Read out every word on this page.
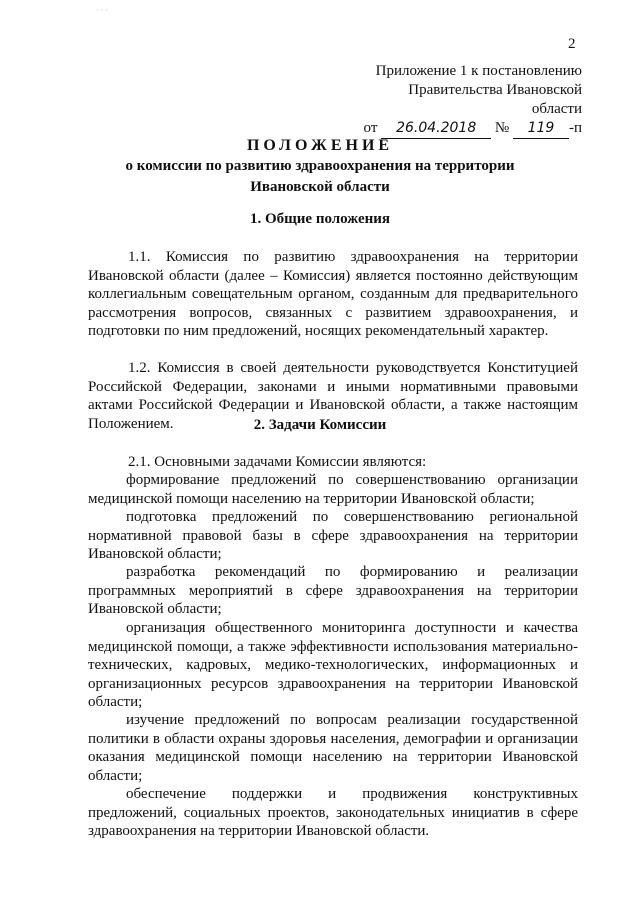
· · ·
2
Приложение 1 к постановлению
Правительства Ивановской области
от 26.04.2018 № 119 -п
ПОЛОЖЕНИЕ
о комиссии по развитию здравоохранения на территории
Ивановской области
1. Общие положения

1.1. Комиссия по развитию здравоохранения на территории Ивановской области (далее – Комиссия) является постоянно действующим коллегиальным совещательным органом, созданным для предварительного рассмотрения вопросов, связанных с развитием здравоохранения, и подготовки по ним предложений, носящих рекомендательный характер.

1.2. Комиссия в своей деятельности руководствуется Конституцией Российской Федерации, законами и иными нормативными правовыми актами Российской Федерации и Ивановской области, а также настоящим Положением.	2. Задачи Комиссии

2.1. Основными задачами Комиссии являются:

формирование предложений по совершенствованию организации медицинской помощи населению на территории Ивановской области;

подготовка предложений по совершенствованию региональной нормативной правовой базы в сфере здравоохранения на территории Ивановской области;

разработка рекомендаций по формированию и реализации программных мероприятий в сфере здравоохранения на территории Ивановской области;

организация общественного мониторинга доступности и качества медицинской помощи, а также эффективности использования материально-технических, кадровых, медико-технологических, информационных и организационных ресурсов здравоохранения на территории Ивановской области;

изучение предложений по вопросам реализации государственной политики в области охраны здоровья населения, демографии и организации оказания медицинской помощи населению на территории Ивановской области;

обеспечение поддержки и продвижения конструктивных предложений, социальных проектов, законодательных инициатив в сфере здравоохранения на территории Ивановской области.
